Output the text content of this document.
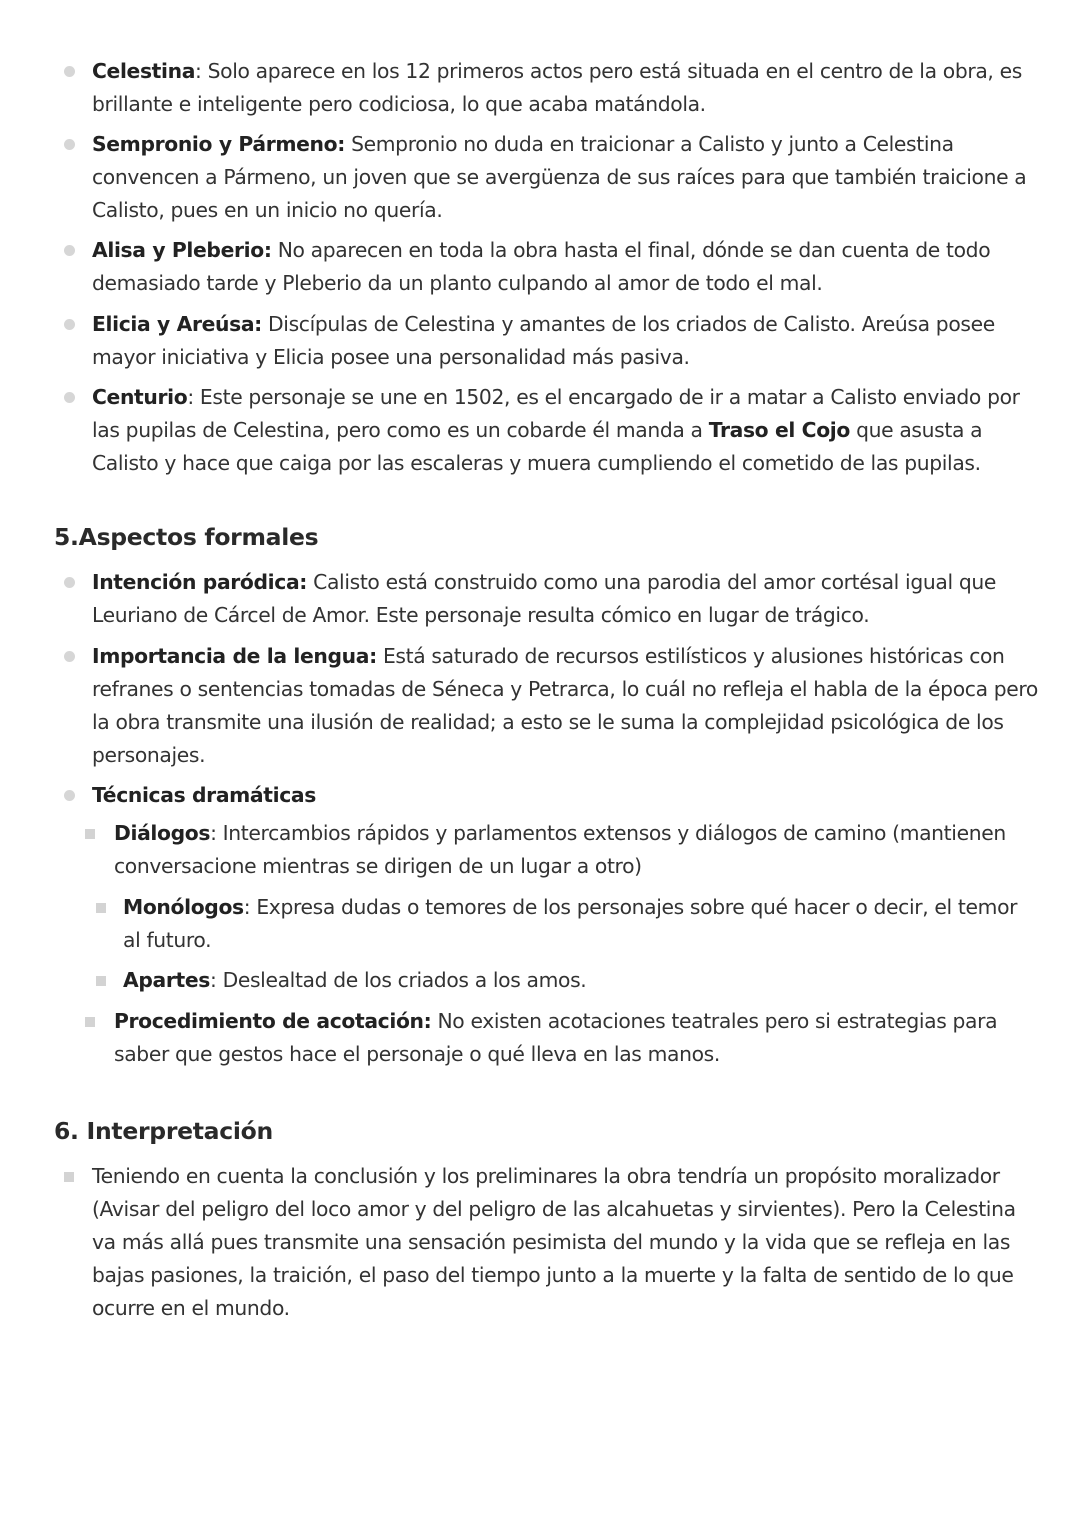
Celestina: Solo aparece en los 12 primeros actos pero está situada en el centro de la obra, es brillante e inteligente pero codiciosa, lo que acaba matándola.

Sempronio y Pármeno: Sempronio no duda en traicionar a Calisto y junto a Celestina convencen a Pármeno, un joven que se avergüenza de sus raíces para que también traicione a Calisto, pues en un inicio no quería.

Alisa y Pleberio: No aparecen en toda la obra hasta el final, dónde se dan cuenta de todo demasiado tarde y Pleberio da un planto culpando al amor de todo el mal.

Elicia y Areúsa: Discípulas de Celestina y amantes de los criados de Calisto. Areúsa posee mayor iniciativa y Elicia posee una personalidad más pasiva.

Centurio: Este personaje se une en 1502, es el encargado de ir a matar a Calisto enviado por las pupilas de Celestina, pero como es un cobarde él manda a Traso el Cojo que asusta a Calisto y hace que caiga por las escaleras y muera cumpliendo el cometido de las pupilas.

5.Aspectos formales

Intención paródica: Calisto está construido como una parodia del amor cortésal igual que Leuriano de Cárcel de Amor. Este personaje resulta cómico en lugar de trágico.

Importancia de la lengua: Está saturado de recursos estilísticos y alusiones históricas con refranes o sentencias tomadas de Séneca y Petrarca, lo cuál no refleja el habla de la época pero la obra transmite una ilusión de realidad; a esto se le suma la complejidad psicológica de los personajes.

Técnicas dramáticas

Diálogos: Intercambios rápidos y parlamentos extensos y diálogos de camino (mantienen conversacione mientras se dirigen de un lugar a otro)

Monólogos: Expresa dudas o temores de los personajes sobre qué hacer o decir, el temor al futuro.

Apartes: Deslealtad de los criados a los amos.

Procedimiento de acotación: No existen acotaciones teatrales pero si estrategias para saber que gestos hace el personaje o qué lleva en las manos.

6. Interpretación

Teniendo en cuenta la conclusión y los preliminares la obra tendría un propósito moralizador (Avisar del peligro del loco amor y del peligro de las alcahuetas y sirvientes). Pero la Celestina va más allá pues transmite una sensación pesimista del mundo y la vida que se refleja en las bajas pasiones, la traición, el paso del tiempo junto a la muerte y la falta de sentido de lo que ocurre en el mundo.
